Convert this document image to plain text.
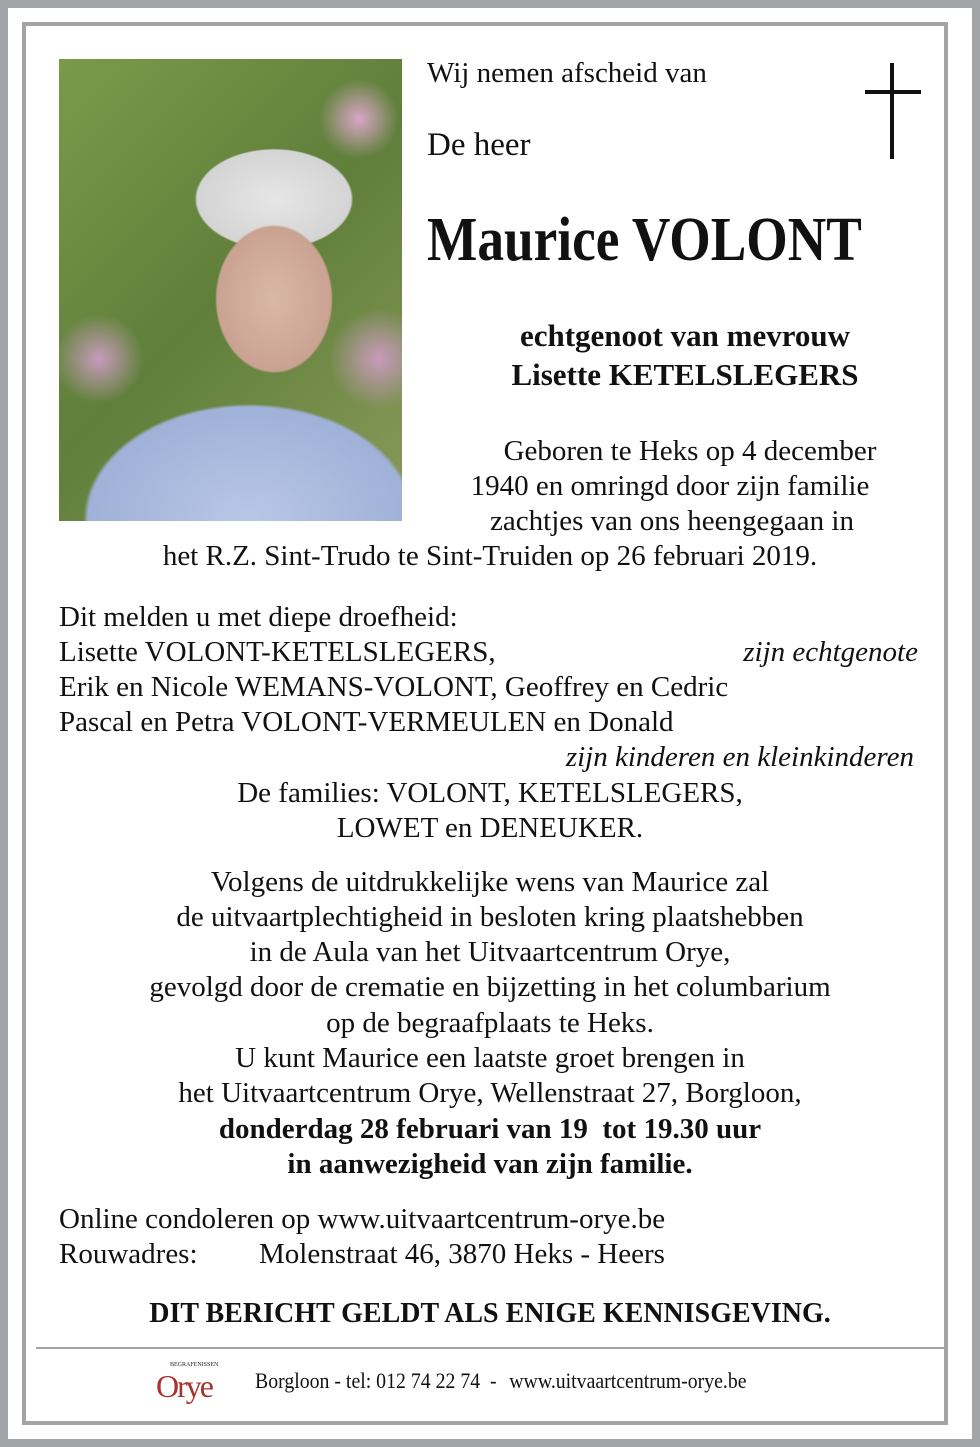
Wij nemen afscheid van
De heer
Maurice VOLONT
echtgenoot van mevrouw
Lisette KETELSLEGERS
Geboren te Heks op 4 december
1940 en omringd door zijn familie
zachtjes van ons heengegaan in
het R.Z. Sint-Trudo te Sint-Truiden op 26 februari 2019.
Dit melden u met diepe droefheid:
Lisette VOLONT-KETELSLEGERS,	zijn echtgenote
Erik en Nicole WEMANS-VOLONT, Geoffrey en Cedric
Pascal en Petra VOLONT-VERMEULEN en Donald
zijn kinderen en kleinkinderen
De families: VOLONT, KETELSLEGERS,
LOWET en DENEUKER.
Volgens de uitdrukkelijke wens van Maurice zal
de uitvaartplechtigheid in besloten kring plaatshebben
in de Aula van het Uitvaartcentrum Orye,
gevolgd door de crematie en bijzetting in het columbarium
op de begraafplaats te Heks.
U kunt Maurice een laatste groet brengen in
het Uitvaartcentrum Orye, Wellenstraat 27, Borgloon,
donderdag 28 februari van 19  tot 19.30 uur
in aanwezigheid van zijn familie.
Online condoleren op www.uitvaartcentrum-orye.be
Rouwadres: Molenstraat 46, 3870 Heks - Heers
DIT BERICHT GELDT ALS ENIGE KENNISGEVING.
BEGRAFENISSEN
Orye Borgloon - tel: 012 74 22 74  - www.uitvaartcentrum-orye.be
